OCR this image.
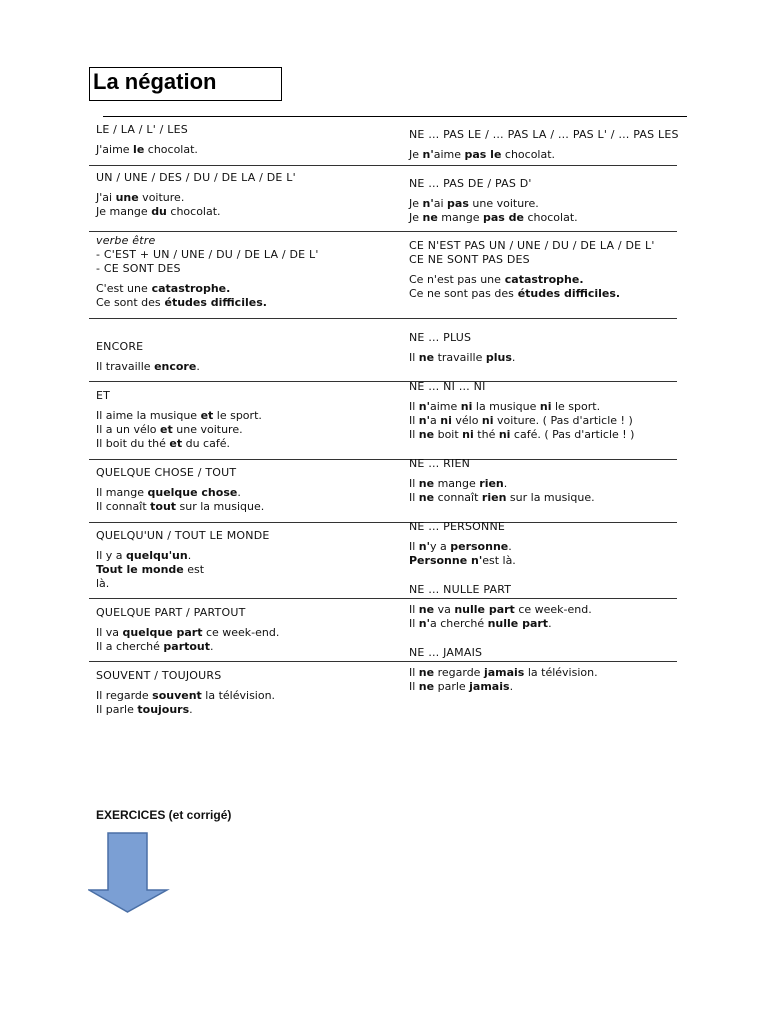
La négation
LE / LA / L' / LES
J'aime le chocolat.
NE … PAS LE / … PAS LA / … PAS L' / … PAS LES
Je n'aime pas le chocolat.
UN / UNE / DES / DU / DE LA / DE L'
J'ai une voiture.
Je mange du chocolat.
NE … PAS DE / PAS D'
Je n'ai pas une voiture.
Je ne mange pas de chocolat.
verbe être
- C'EST + UN / UNE / DU / DE LA / DE L'
- CE SONT DES
C'est une catastrophe.
Ce sont des études difficiles.
CE N'EST PAS UN / UNE / DU / DE LA / DE L'
CE NE SONT PAS DES
Ce n'est pas une catastrophe.
Ce ne sont pas des études difficiles.
ENCORE
Il travaille encore.
NE … PLUS
Il ne travaille plus.
ET
Il aime la musique et le sport.
Il a un vélo et une voiture.
Il boit du thé et du café.
NE … NI … NI
Il n'aime ni la musique ni le sport.
Il n'a ni vélo ni voiture. ( Pas d'article ! )
Il ne boit ni thé ni café. ( Pas d'article ! )
QUELQUE CHOSE / TOUT
Il mange quelque chose.
Il connaît tout sur la musique.
NE … RIEN
Il ne mange rien.
Il ne connaît rien sur la musique.
QUELQU'UN / TOUT LE MONDE
Il y a quelqu'un.
Tout le monde est
là.
NE … PERSONNE
Il n'y a personne.
Personne n'est là.
QUELQUE PART / PARTOUT
Il va quelque part ce week-end.
Il a cherché partout.
NE … NULLE PART
Il ne va nulle part ce week-end.
Il n'a cherché nulle part.
SOUVENT / TOUJOURS
Il regarde souvent la télévision.
Il parle toujours.
NE … JAMAIS
Il ne regarde jamais la télévision.
Il ne parle jamais.
EXERCICES (et corrigé)
